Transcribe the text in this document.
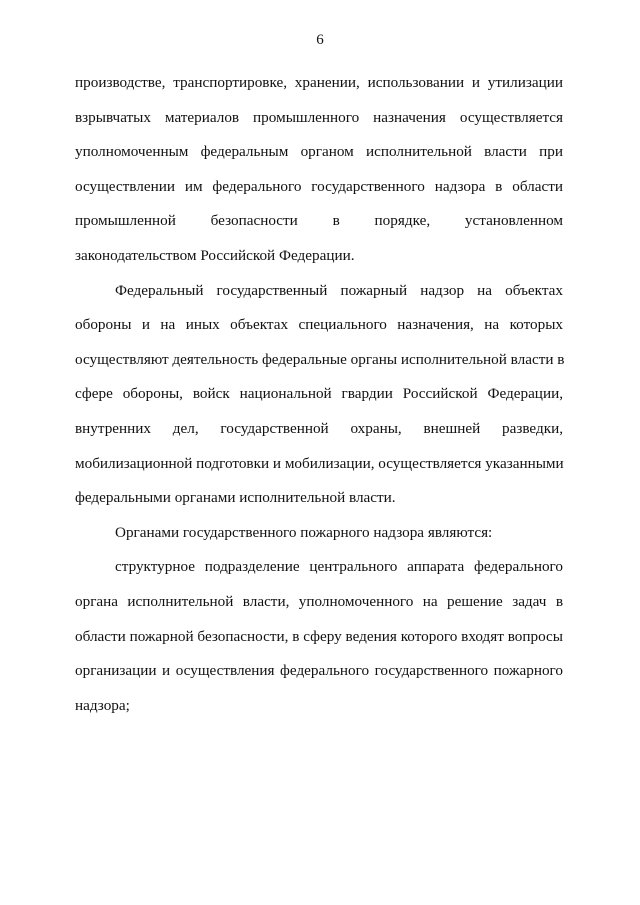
6

производстве, транспортировке, хранении, использовании и утилизации
взрывчатых материалов промышленного назначения осуществляется
уполномоченным федеральным органом исполнительной власти при
осуществлении им федерального государственного надзора в области
промышленной безопасности в порядке, установленном
законодательством Российской Федерации.

Федеральный государственный пожарный надзор на объектах
обороны и на иных объектах специального назначения, на которых
осуществляют деятельность федеральные органы исполнительной власти в
сфере обороны, войск национальной гвардии Российской Федерации,
внутренних дел, государственной охраны, внешней разведки,
мобилизационной подготовки и мобилизации, осуществляется указанными
федеральными органами исполнительной власти.

Органами государственного пожарного надзора являются:

структурное подразделение центрального аппарата федерального
органа исполнительной власти, уполномоченного на решение задач в
области пожарной безопасности, в сферу ведения которого входят вопросы
организации и осуществления федерального государственного пожарного
надзора;
